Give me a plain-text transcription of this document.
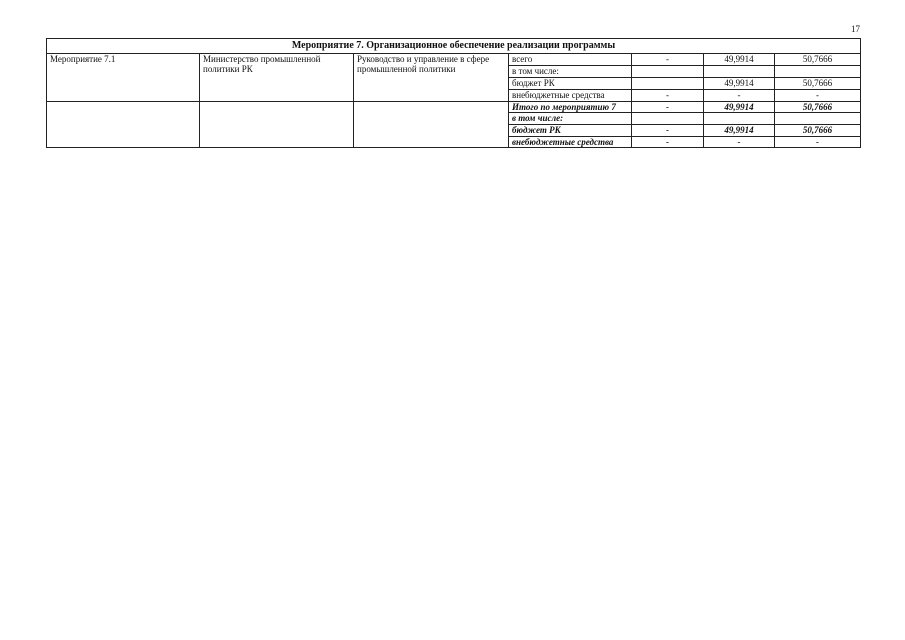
17
Мероприятие 7. Организационное обеспечение реализации программы						
Мероприятие 7.1	Министерство промышленной политики РК	Руководство и управление в сфере промышленной политики	всего	-	49,9914	50,7666
			в том числе:			
			бюджет РК		49,9914	50,7666
			внебюджетные средства	-	-	-
			Итого по мероприятию 7	-	49,9914	50,7666
			в том числе:			
			бюджет РК	-	49,9914	50,7666
			внебюджетные средства	-	-	-
